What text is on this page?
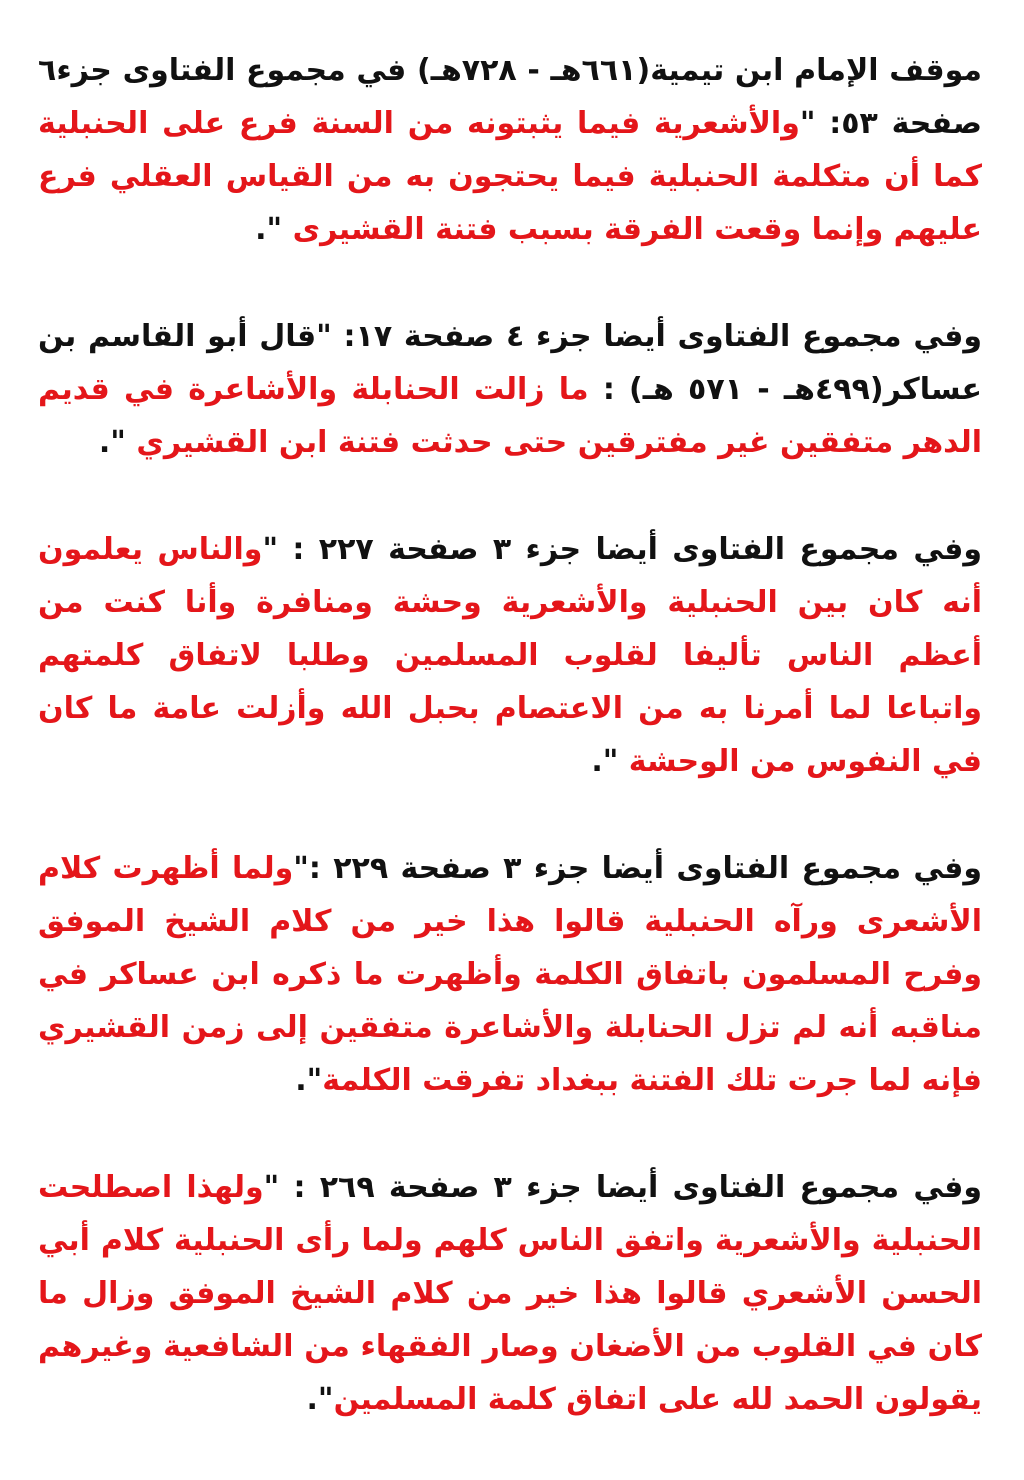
موقف الإمام ابن تيمية(٦٦١هـ - ٧٢٨هـ) في مجموع الفتاوى جزء٦ صفحة ٥٣: "والأشعرية فيما يثبتونه من السنة فرع على الحنبلية كما أن متكلمة الحنبلية فيما يحتجون به من القياس العقلي فرع عليهم وإنما وقعت الفرقة بسبب فتنة القشيرى ".

وفي مجموع الفتاوى أيضا جزء ٤ صفحة ١٧: "قال أبو القاسم بن عساكر(٤٩٩هـ - ٥٧١ هـ) : ما زالت الحنابلة والأشاعرة في قديم الدهر متفقين غير مفترقين حتى حدثت فتنة ابن القشيري ".

وفي مجموع الفتاوى أيضا جزء ٣ صفحة ٢٢٧ : "والناس يعلمون أنه كان بين الحنبلية والأشعرية وحشة ومنافرة وأنا كنت من أعظم الناس تأليفا لقلوب المسلمين وطلبا لاتفاق كلمتهم واتباعا لما أمرنا به من الاعتصام بحبل الله وأزلت عامة ما كان في النفوس من الوحشة ".

وفي مجموع الفتاوى أيضا جزء ٣ صفحة ٢٢٩ :"ولما أظهرت كلام الأشعرى ورآه الحنبلية قالوا هذا خير من كلام الشيخ الموفق وفرح المسلمون باتفاق الكلمة وأظهرت ما ذكره ابن عساكر في مناقبه أنه لم تزل الحنابلة والأشاعرة متفقين إلى زمن القشيري فإنه لما جرت تلك الفتنة ببغداد تفرقت الكلمة".

وفي مجموع الفتاوى أيضا جزء ٣ صفحة ٢٦٩ : "ولهذا اصطلحت الحنبلية والأشعرية واتفق الناس كلهم ولما رأى الحنبلية كلام أبي الحسن الأشعري قالوا هذا خير من كلام الشيخ الموفق وزال ما كان في القلوب من الأضغان وصار الفقهاء من الشافعية وغيرهم يقولون الحمد لله على اتفاق كلمة المسلمين".
